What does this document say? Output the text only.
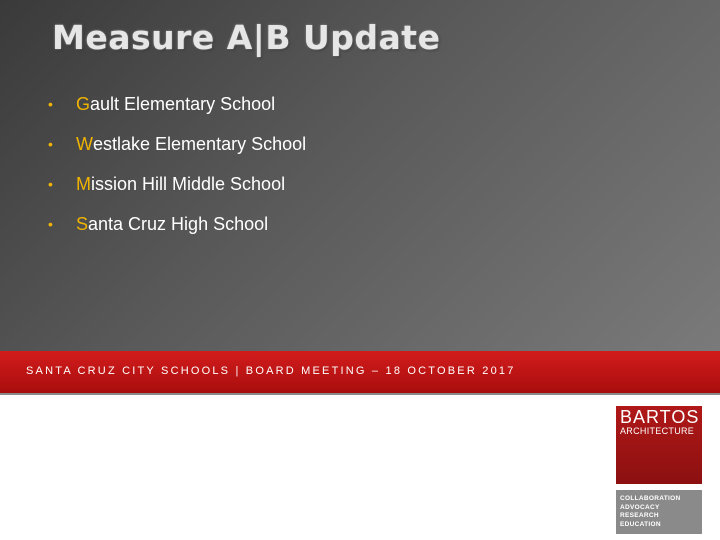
Measure A|B Update
•	G ault Elementary School
•	W estlake Elementary School
•	M ission Hill Middle School
•	S anta Cruz High School
SANTA CRUZ CITY SCHOOLS | BOARD MEETING – 18 OCTOBER 2017
BARTOS
ARCHITECTURE
COLLABORATION
ADVOCACY
RESEARCH
EDUCATION
